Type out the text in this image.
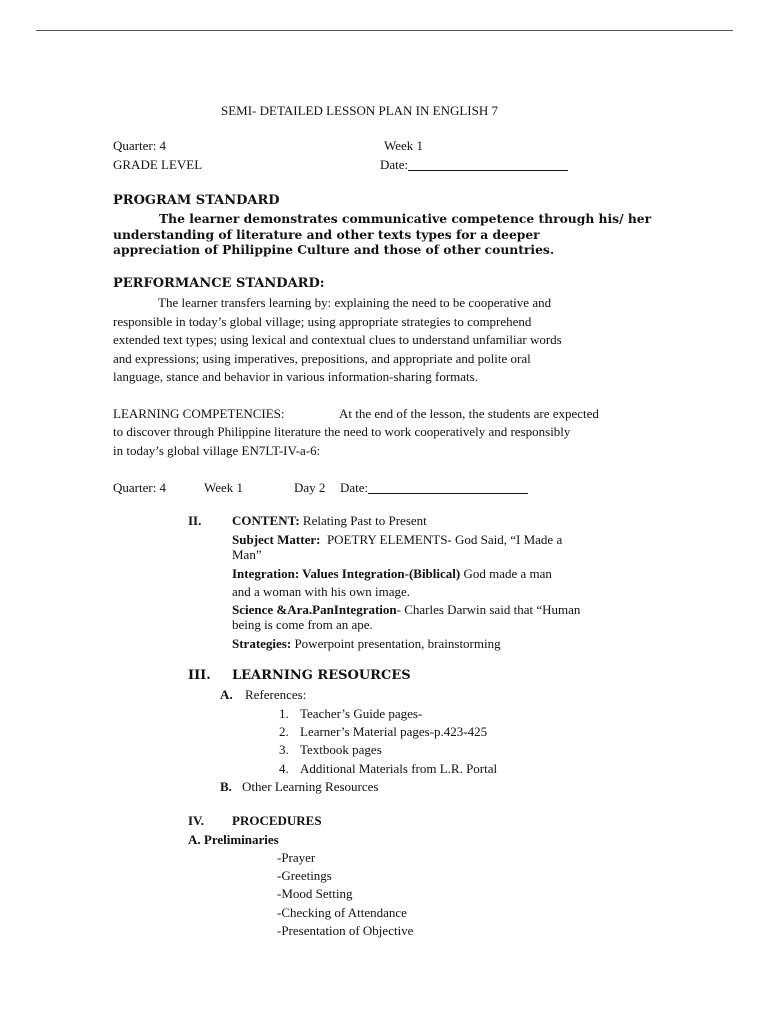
SEMI- DETAILED LESSON PLAN IN ENGLISH 7
Quarter: 4	Week 1
GRADE LEVEL	Date:
PROGRAM STANDARD
The learner demonstrates communicative competence through his/ her
understanding of literature and other texts types for a deeper
appreciation of Philippine Culture and those of other countries.
PERFORMANCE STANDARD:
The learner transfers learning by: explaining the need to be cooperative and
responsible in today’s global village; using appropriate strategies to comprehend
extended text types; using lexical and contextual clues to understand unfamiliar words
and expressions; using imperatives, prepositions, and appropriate and polite oral
language, stance and behavior in various information-sharing formats.
LEARNING COMPETENCIES:	At the end of the lesson, the students are expected
to discover through Philippine literature the need to work cooperatively and responsibly
in today’s global village EN7LT-IV-a-6:
Quarter: 4	Week 1	Day 2 Date:
II. CONTENT: Relating Past to Present
Subject Matter: POETRY ELEMENTS- God Said, “I Made a
Man”
Integration: Values Integration-(Biblical) God made a man
and a woman with his own image.
Science &Ara.PanIntegration- Charles Darwin said that “Human
being is come from an ape.
Strategies: Powerpoint presentation, brainstorming
III. LEARNING RESOURCES
A. References:
1. Teacher’s Guide pages-
2. Learner’s Material pages-p.423-425
3. Textbook pages
4. Additional Materials from L.R. Portal
B. Other Learning Resources
IV. PROCEDURES
A. Preliminaries
-Prayer
-Greetings
-Mood Setting
-Checking of Attendance
-Presentation of Objective
